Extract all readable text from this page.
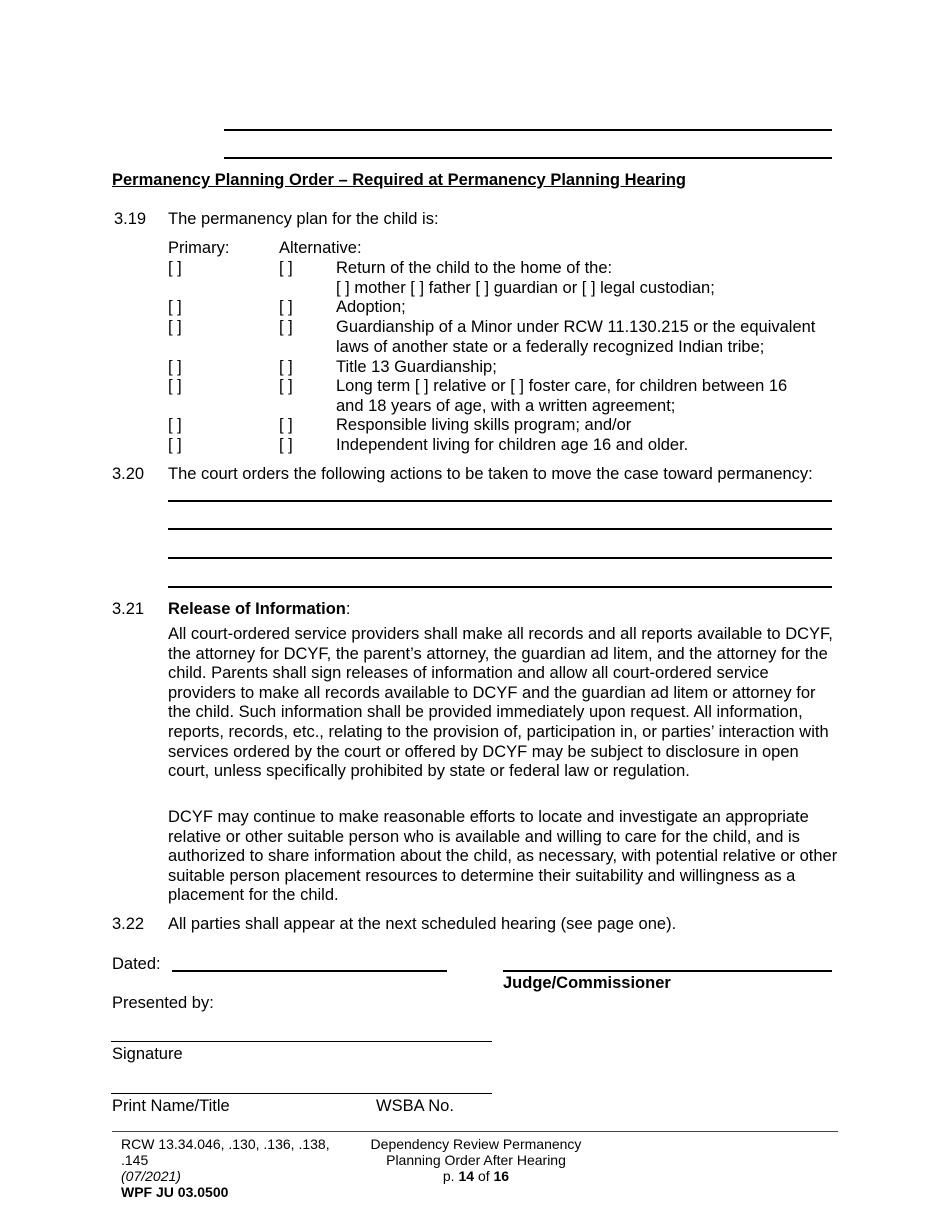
Permanency Planning Order – Required at Permanency Planning Hearing
3.19 The permanency plan for the child is:
Primary:	Alternative:
[ ]	[ ]	Return of the child to the home of the:
[ ] mother [ ] father [ ] guardian or [ ] legal custodian;
[ ]	[ ]	Adoption;
[ ]	[ ]	Guardianship of a Minor under RCW 11.130.215 or the equivalent
laws of another state or a federally recognized Indian tribe;
[ ]	[ ]	Title 13 Guardianship;
[ ]	[ ]	Long term [ ] relative or [ ] foster care, for children between 16
and 18 years of age, with a written agreement;
[ ]	[ ]	Responsible living skills program; and/or
[ ]	[ ]	Independent living for children age 16 and older.
3.20 The court orders the following actions to be taken to move the case toward permanency:
3.21 Release of Information:
All court-ordered service providers shall make all records and all reports available to DCYF, the attorney for DCYF, the parent’s attorney, the guardian ad litem, and the attorney for the child. Parents shall sign releases of information and allow all court-ordered service providers to make all records available to DCYF and the guardian ad litem or attorney for the child. Such information shall be provided immediately upon request. All information, reports, records, etc., relating to the provision of, participation in, or parties’ interaction with services ordered by the court or offered by DCYF may be subject to disclosure in open court, unless specifically prohibited by state or federal law or regulation.
DCYF may continue to make reasonable efforts to locate and investigate an appropriate relative or other suitable person who is available and willing to care for the child, and is authorized to share information about the child, as necessary, with potential relative or other suitable person placement resources to determine their suitability and willingness as a placement for the child.
3.22 All parties shall appear at the next scheduled hearing (see page one).
Dated:
Judge/Commissioner
Presented by:
Signature
Print Name/Title	WSBA No.
RCW 13.34.046, .130, .136, .138,
.145
(07/2021)
WPF JU 03.0500
Dependency Review Permanency
Planning Order After Hearing
p. 14 of 16
